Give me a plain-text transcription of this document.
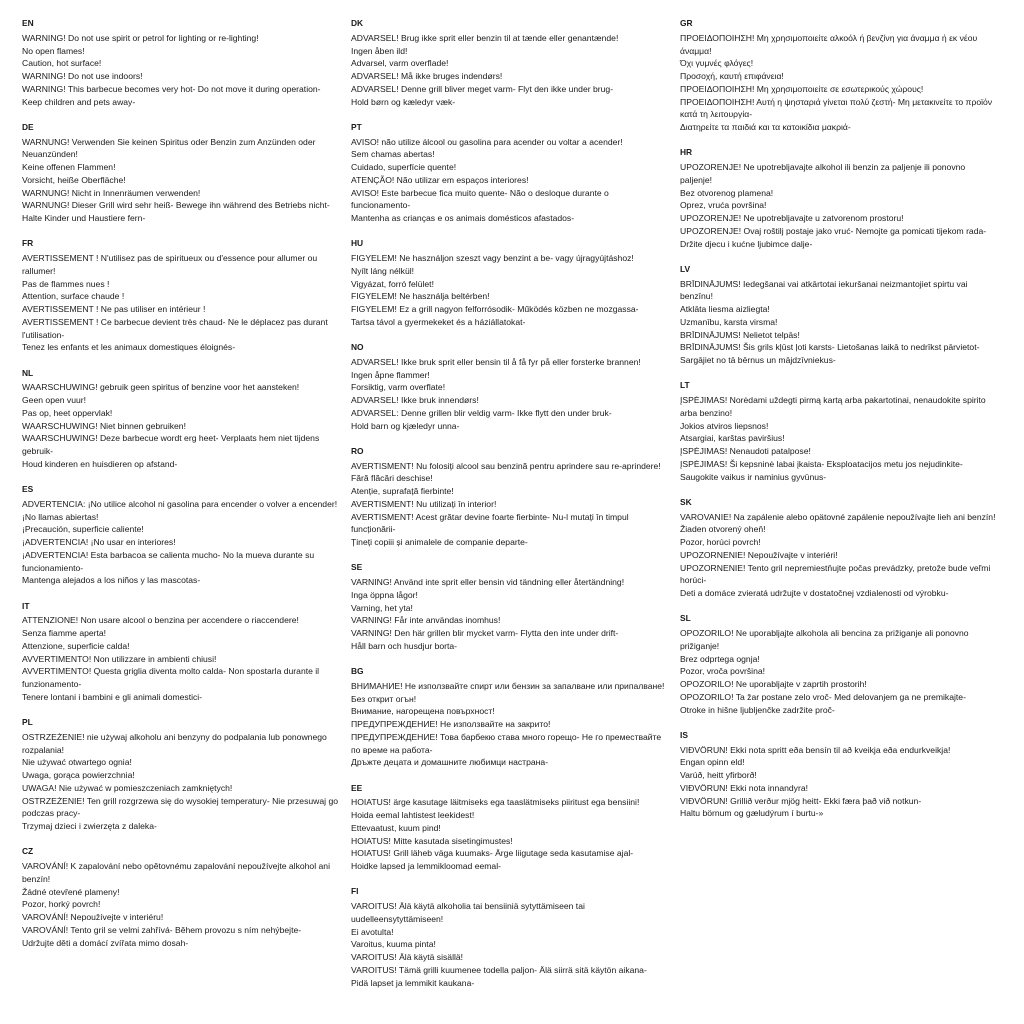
EN
WARNING! Do not use spirit or petrol for lighting or re-lighting!
No open flames!
Caution, hot surface!
WARNING! Do not use indoors!
WARNING! This barbecue becomes very hot- Do not move it during operation-
Keep children and pets away-
DE
WARNUNG! Verwenden Sie keinen Spiritus oder Benzin zum Anzünden oder Neuanzünden!
Keine offenen Flammen!
Vorsicht, heiße Oberfläche!
WARNUNG! Nicht in Innenräumen verwenden!
WARNUNG! Dieser Grill wird sehr heiß- Bewege ihn während des Betriebs nicht-
Halte Kinder und Haustiere fern-
FR
AVERTISSEMENT ! N'utilisez pas de spiritueux ou d'essence pour allumer ou rallumer!
Pas de flammes nues !
Attention, surface chaude !
AVERTISSEMENT ! Ne pas utiliser en intérieur !
AVERTISSEMENT ! Ce barbecue devient très chaud- Ne le déplacez pas durant l'utilisation-
Tenez les enfants et les animaux domestiques éloignés-
NL
WAARSCHUWING! gebruik geen spiritus of benzine voor het aansteken!
Geen open vuur!
Pas op, heet oppervlak!
WAARSCHUWING! Niet binnen gebruiken!
WAARSCHUWING! Deze barbecue wordt erg heet- Verplaats hem niet tijdens gebruik-
Houd kinderen en huisdieren op afstand-
ES
ADVERTENCIA: ¡No utilice alcohol ni gasolina para encender o volver a encender!
¡No llamas abiertas!
¡Precaución, superficie caliente!
¡ADVERTENCIA! ¡No usar en interiores!
¡ADVERTENCIA! Esta barbacoa se calienta mucho- No la mueva durante su funcionamiento-
Mantenga alejados a los niños y las mascotas-
IT
ATTENZIONE! Non usare alcool o benzina per accendere o riaccendere!
Senza fiamme aperta!
Attenzione, superficie calda!
AVVERTIMENTO! Non utilizzare in ambienti chiusi!
AVVERTIMENTO! Questa griglia diventa molto calda- Non spostarla durante il funzionamento-
Tenere lontani i bambini e gli animali domestici-
PL
OSTRZEŻENIE! nie używaj alkoholu ani benzyny do podpalania lub ponownego rozpalania!
Nie używać otwartego ognia!
Uwaga, gorąca powierzchnia!
UWAGA! Nie używać w pomieszczeniach zamkniętych!
OSTRZEŻENIE! Ten grill rozgrzewa się do wysokiej temperatury- Nie przesuwaj go podczas pracy-
Trzymaj dzieci i zwierzęta z daleka-
CZ
VAROVÁNÍ! K zapalování nebo opětovnému zapalování nepoužívejte alkohol ani benzín!
Žádné otevřené plameny!
Pozor, horký povrch!
VAROVÁNÍ! Nepoužívejte v interiéru!
VAROVÁNÍ! Tento gril se velmi zahřívá- Během provozu s ním nehýbejte-
Udržujte děti a domácí zvířata mimo dosah-
DK
ADVARSEL! Brug ikke sprit eller benzin til at tænde eller genantænde!
Ingen åben ild!
Advarsel, varm overflade!
ADVARSEL! Må ikke bruges indendørs!
ADVARSEL! Denne grill bliver meget varm- Flyt den ikke under brug-
Hold børn og kæledyr væk-
PT
AVISO! não utilize álcool ou gasolina para acender ou voltar a acender!
Sem chamas abertas!
Cuidado, superfície quente!
ATENÇÃO! Não utilizar em espaços interiores!
AVISO! Este barbecue fica muito quente- Não o desloque durante o funcionamento-
Mantenha as crianças e os animais domésticos afastados-
HU
FIGYELEM! Ne használjon szeszt vagy benzint a be- vagy újragyújtáshoz!
Nyílt láng nélkül!
Vigyázat, forró felület!
FIGYELEM! Ne használja beltérben!
FIGYELEM! Ez a grill nagyon felforrósodik- Működés közben ne mozgassa-
Tartsa távol a gyermekeket és a háziállatokat-
NO
ADVARSEL! Ikke bruk sprit eller bensin til å få fyr på eller forsterke brannen!
Ingen åpne flammer!
Forsiktig, varm overflate!
ADVARSEL! Ikke bruk innendørs!
ADVARSEL: Denne grillen blir veldig varm- Ikke flytt den under bruk-
Hold barn og kjæledyr unna-
RO
AVERTISMENT! Nu folosiți alcool sau benzină pentru aprindere sau re-aprindere!
Fără flăcări deschise!
Atenție, suprafață fierbinte!
AVERTISMENT! Nu utilizați în interior!
AVERTISMENT! Acest grătar devine foarte fierbinte- Nu-l mutați în timpul funcționării-
Țineți copiii și animalele de companie departe-
SE
VARNING! Använd inte sprit eller bensin vid tändning eller återtändning!
Inga öppna lågor!
Varning, het yta!
VARNING! Får inte användas inomhus!
VARNING! Den här grillen blir mycket varm- Flytta den inte under drift-
Håll barn och husdjur borta-
BG
ВНИМАНИЕ! Не използвайте спирт или бензин за запалване или припалване!
Без открит огън!
Внимание, нагорещена повърхност!
ПРЕДУПРЕЖДЕНИЕ! Не използвайте на закрито!
ПРЕДУПРЕЖДЕНИЕ! Това барбекю става много горещо- Не го премествайте по време на работа-
Дръжте децата и домашните любимци настрана-
EE
HOIATUS! ärge kasutage läitmiseks ega taaslätmiseks piiritust ega bensiini!
Hoida eemal lahtistest leekidest!
Ettevaatust, kuum pind!
HOIATUS! Mitte kasutada sisetingimustes!
HOIATUS! Grill läheb väga kuumaks- Ärge liigutage seda kasutamise ajal-
Hoidke lapsed ja lemmikloomad eemal-
FI
VAROITUS! Älä käytä alkoholia tai bensiiniä sytyttämiseen tai uudelleensytyttämiseen!
Ei avotulta!
Varoitus, kuuma pinta!
VAROITUS! Älä käytä sisällä!
VAROITUS! Tämä grilli kuumenee todella paljon- Älä siirrä sitä käytön aikana-
Pidä lapset ja lemmikit kaukana-
GR
ΠΡΟΕΙΔΟΠΟΙΗΣΗ! Μη χρησιμοποιείτε αλκοόλ ή βενζίνη για άναμμα ή εκ νέου άναμμα!
Όχι γυμνές φλόγες!
Προσοχή, καυτή επιφάνεια!
ΠΡΟΕΙΔΟΠΟΙΗΣΗ! Μη χρησιμοποιείτε σε εσωτερικούς χώρους!
ΠΡΟΕΙΔΟΠΟΙΗΣΗ! Αυτή η ψησταριά γίνεται πολύ ζεστή- Μη μετακινείτε το προϊόν κατά τη λειτουργία-
Διατηρείτε τα παιδιά και τα κατοικίδια μακριά-
HR
UPOZORENJE! Ne upotrebljavajte alkohol ili benzin za paljenje ili ponovno paljenje!
Bez otvorenog plamena!
Oprez, vruća površina!
UPOZORENJE! Ne upotrebljavajte u zatvorenom prostoru!
UPOZORENJE! Ovaj roštilj postaje jako vruć- Nemojte ga pomicati tijekom rada-
Držite djecu i kućne ljubimce dalje-
LV
BRĪDINĀJUMS! Iedegšanai vai atkārtotai iekuršanai neizmantojiet spirtu vai benzīnu!
Atklāta liesma aizliegta!
Uzmanību, karsta virsma!
BRĪDINĀJUMS! Nelietot telpās!
BRĪDINĀJUMS! Šis grils kļūst ļoti karsts- Lietošanas laikā to nedrīkst pārvietot-
Sargājiet no tā bērnus un mājdzīvniekus-
LT
ĮSPĖJIMAS! Norėdami uždegti pirmą kartą arba pakartotinai, nenaudokite spirito arba benzino!
Jokios atviros liepsnos!
Atsargiai, karštas paviršius!
ĮSPĖJIMAS! Nenaudoti patalpose!
ĮSPĖJIMAS! Ši kepsninė labai įkaista- Eksploatacijos metu jos nejudinkite-
Saugokite vaikus ir naminius gyvūnus-
SK
VAROVANIE! Na zapálenie alebo opätovné zapálenie nepoužívajte lieh ani benzín!
Žiaden otvorený oheň!
Pozor, horúci povrch!
UPOZORNENIE! Nepoužívajte v interiéri!
UPOZORNENIE! Tento gril nepremiestňujte počas prevádzky, pretože bude veľmi horúci-
Deti a domáce zvieratá udržujte v dostatočnej vzdialenosti od výrobku-
SL
OPOZORILO! Ne uporabljajte alkohola ali bencina za prižiganje ali ponovno prižiganje!
Brez odprtega ognja!
Pozor, vroča površina!
OPOZORILO! Ne uporabljajte v zaprtih prostorih!
OPOZORILO! Ta žar postane zelo vroč- Med delovanjem ga ne premikajte-
Otroke in hišne ljubljenčke zadržite proč-
IS
VIÐVÖRUN! Ekki nota spritt eða bensín til að kveikja eða endurkveikja!
Engan opinn eld!
Varúð, heitt yfirborð!
VIÐVÖRUN! Ekki nota innandyra!
VIÐVÖRUN! Grillið verður mjög heitt- Ekki færa það við notkun-
Haltu börnum og gæludýrum í burtu-»
